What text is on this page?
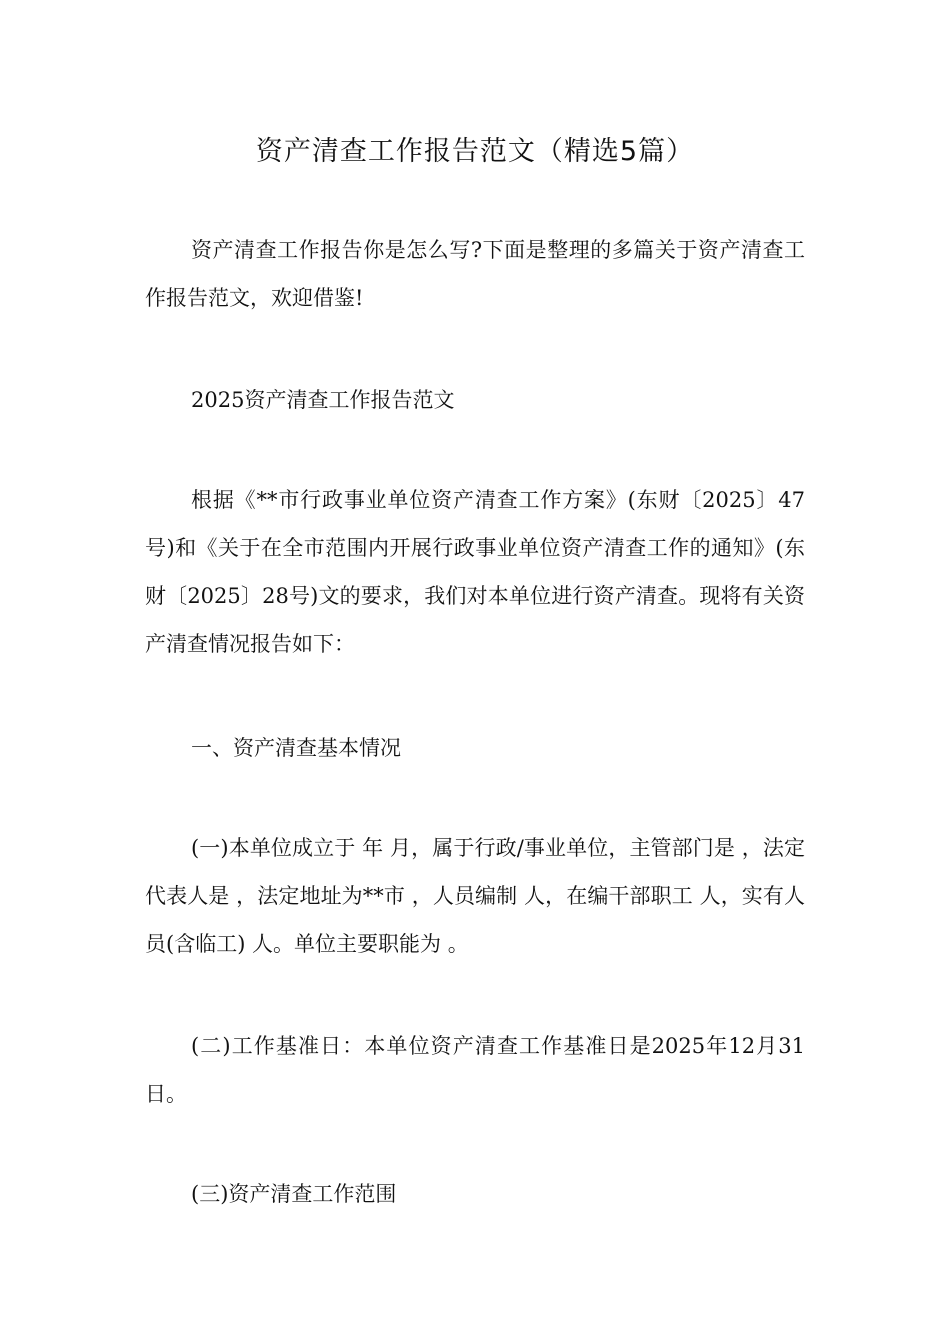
资产清查工作报告范文（精选5篇）

资产清查工作报告你是怎么写?下面是整理的多篇关于资产清查工作报告范文，欢迎借鉴!

2025资产清查工作报告范文

根据《**市行政事业单位资产清查工作方案》(东财〔2025〕47号)和《关于在全市范围内开展行政事业单位资产清查工作的通知》(东财〔2025〕28号)文的要求，我们对本单位进行资产清查。现将有关资产清查情况报告如下：

一、资产清查基本情况

(一)本单位成立于 年 月，属于行政/事业单位，主管部门是 ，法定代表人是 ，法定地址为**市 ，人员编制 人，在编干部职工 人，实有人员(含临工) 人。单位主要职能为 。

(二)工作基准日：本单位资产清查工作基准日是2025年12月31日。

(三)资产清查工作范围
